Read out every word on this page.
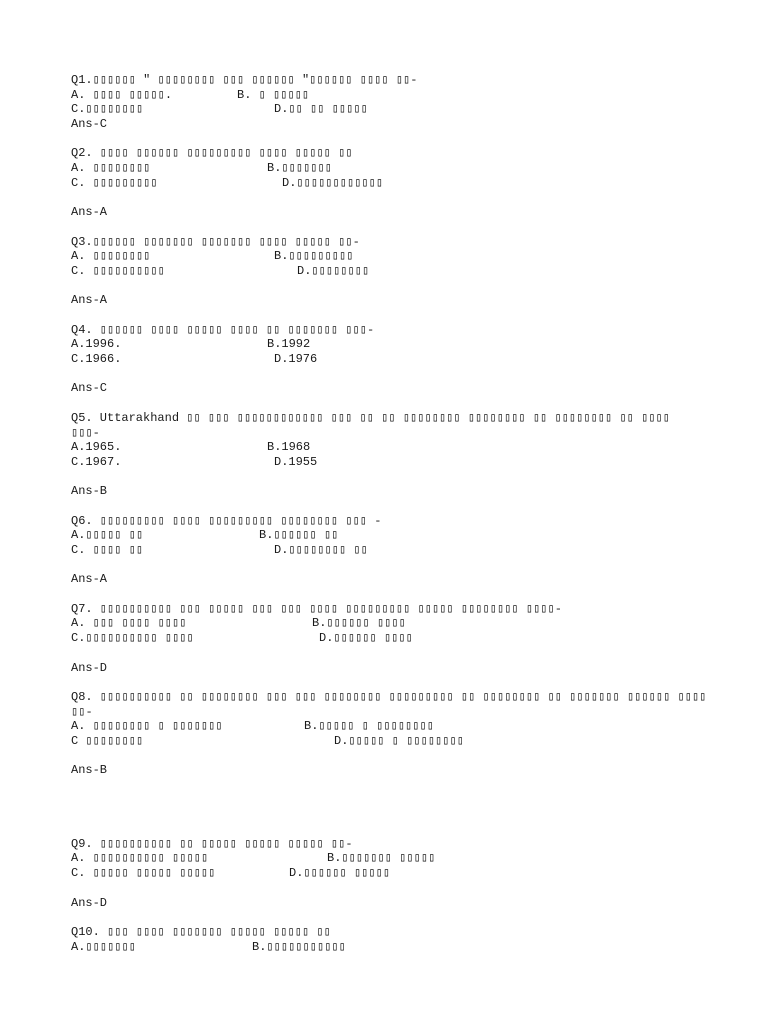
Q1.▯▯▯▯▯▯ " ▯▯▯▯▯▯▯▯ ▯▯▯ ▯▯▯▯▯▯ "▯▯▯▯▯▯ ▯▯▯▯ ▯▯-

A. ▯▯▯▯ ▯▯▯▯▯.

	B. ▯ ▯▯▯▯▯

C.▯▯▯▯▯▯▯▯

	D.▯▯ ▯▯ ▯▯▯▯▯

Ans-C
Q2. ▯▯▯▯ ▯▯▯▯▯▯ ▯▯▯▯▯▯▯▯▯ ▯▯▯▯ ▯▯▯▯▯ ▯▯

A. ▯▯▯▯▯▯▯▯

	B.▯▯▯▯▯▯▯

C. ▯▯▯▯▯▯▯▯▯

	D.▯▯▯▯▯▯▯▯▯▯▯▯

Ans-A
Q3.▯▯▯▯▯▯ ▯▯▯▯▯▯▯ ▯▯▯▯▯▯▯ ▯▯▯▯ ▯▯▯▯▯ ▯▯-

A. ▯▯▯▯▯▯▯▯

	B.▯▯▯▯▯▯▯▯▯

C. ▯▯▯▯▯▯▯▯▯▯

	D.▯▯▯▯▯▯▯▯

Ans-A
Q4. ▯▯▯▯▯▯ ▯▯▯▯ ▯▯▯▯▯ ▯▯▯▯ ▯▯ ▯▯▯▯▯▯▯ ▯▯▯-

A.1996.

	B.1992

C.1966.

	D.1976

Ans-C
Q5. Uttarakhand ▯▯ ▯▯▯ ▯▯▯▯▯▯▯▯▯▯▯▯ ▯▯▯ ▯▯ ▯▯ ▯▯▯▯▯▯▯▯ ▯▯▯▯▯▯▯▯ ▯▯ ▯▯▯▯▯▯▯▯ ▯▯ ▯▯▯▯
▯▯▯-

A.1965.

	B.1968

C.1967.

	D.1955

Ans-B
Q6. ▯▯▯▯▯▯▯▯▯ ▯▯▯▯ ▯▯▯▯▯▯▯▯▯ ▯▯▯▯▯▯▯▯ ▯▯▯ -

A.▯▯▯▯▯ ▯▯

	B.▯▯▯▯▯▯ ▯▯

C. ▯▯▯▯ ▯▯

	D.▯▯▯▯▯▯▯▯ ▯▯

Ans-A
Q7. ▯▯▯▯▯▯▯▯▯▯ ▯▯▯ ▯▯▯▯▯ ▯▯▯ ▯▯▯ ▯▯▯▯ ▯▯▯▯▯▯▯▯▯ ▯▯▯▯▯ ▯▯▯▯▯▯▯▯ ▯▯▯▯-

A. ▯▯▯ ▯▯▯▯ ▯▯▯▯

	B.▯▯▯▯▯▯ ▯▯▯▯

C.▯▯▯▯▯▯▯▯▯▯ ▯▯▯▯

	D.▯▯▯▯▯▯ ▯▯▯▯

Ans-D
Q8. ▯▯▯▯▯▯▯▯▯▯ ▯▯ ▯▯▯▯▯▯▯▯ ▯▯▯ ▯▯▯ ▯▯▯▯▯▯▯▯ ▯▯▯▯▯▯▯▯▯ ▯▯ ▯▯▯▯▯▯▯▯ ▯▯ ▯▯▯▯▯▯▯ ▯▯▯▯▯▯ ▯▯▯▯
▯▯-

A. ▯▯▯▯▯▯▯▯ ▯ ▯▯▯▯▯▯▯

	B.▯▯▯▯▯ ▯ ▯▯▯▯▯▯▯▯

C ▯▯▯▯▯▯▯▯

	D.▯▯▯▯▯ ▯ ▯▯▯▯▯▯▯▯

Ans-B
Q9. ▯▯▯▯▯▯▯▯▯▯ ▯▯ ▯▯▯▯▯ ▯▯▯▯▯ ▯▯▯▯▯ ▯▯-

A. ▯▯▯▯▯▯▯▯▯▯ ▯▯▯▯▯

	B.▯▯▯▯▯▯▯ ▯▯▯▯▯

C. ▯▯▯▯▯ ▯▯▯▯▯ ▯▯▯▯▯

	D.▯▯▯▯▯▯ ▯▯▯▯▯

Ans-D
Q10. ▯▯▯ ▯▯▯▯ ▯▯▯▯▯▯▯ ▯▯▯▯▯ ▯▯▯▯▯ ▯▯

A.▯▯▯▯▯▯▯

	B.▯▯▯▯▯▯▯▯▯▯▯
